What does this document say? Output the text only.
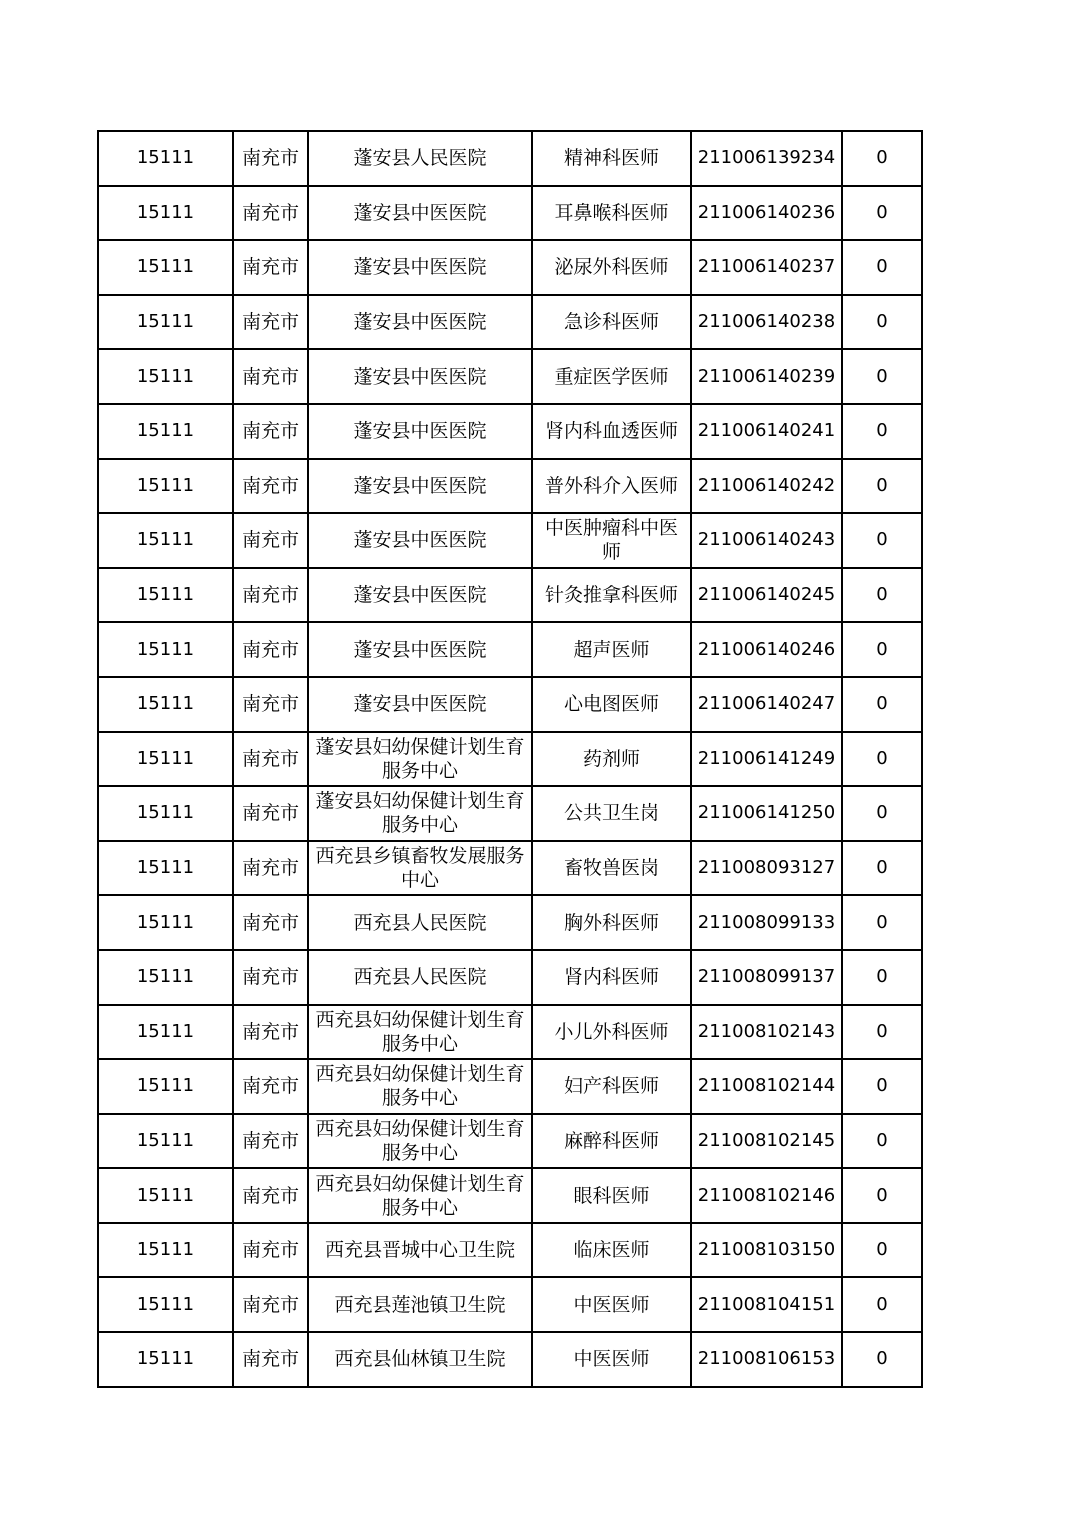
15111	南充市	蓬安县人民医院	精神科医师	211006139234	0
15111	南充市	蓬安县中医医院	耳鼻喉科医师	211006140236	0
15111	南充市	蓬安县中医医院	泌尿外科医师	211006140237	0
15111	南充市	蓬安县中医医院	急诊科医师	211006140238	0
15111	南充市	蓬安县中医医院	重症医学医师	211006140239	0
15111	南充市	蓬安县中医医院	肾内科血透医师	211006140241	0
15111	南充市	蓬安县中医医院	普外科介入医师	211006140242	0
15111	南充市	蓬安县中医医院	中医肿瘤科中医师	211006140243	0
15111	南充市	蓬安县中医医院	针灸推拿科医师	211006140245	0
15111	南充市	蓬安县中医医院	超声医师	211006140246	0
15111	南充市	蓬安县中医医院	心电图医师	211006140247	0
15111	南充市	蓬安县妇幼保健计划生育服务中心	药剂师	211006141249	0
15111	南充市	蓬安县妇幼保健计划生育服务中心	公共卫生岗	211006141250	0
15111	南充市	西充县乡镇畜牧发展服务中心	畜牧兽医岗	211008093127	0
15111	南充市	西充县人民医院	胸外科医师	211008099133	0
15111	南充市	西充县人民医院	肾内科医师	211008099137	0
15111	南充市	西充县妇幼保健计划生育服务中心	小儿外科医师	211008102143	0
15111	南充市	西充县妇幼保健计划生育服务中心	妇产科医师	211008102144	0
15111	南充市	西充县妇幼保健计划生育服务中心	麻醉科医师	211008102145	0
15111	南充市	西充县妇幼保健计划生育服务中心	眼科医师	211008102146	0
15111	南充市	西充县晋城中心卫生院	临床医师	211008103150	0
15111	南充市	西充县莲池镇卫生院	中医医师	211008104151	0
15111	南充市	西充县仙林镇卫生院	中医医师	211008106153	0
